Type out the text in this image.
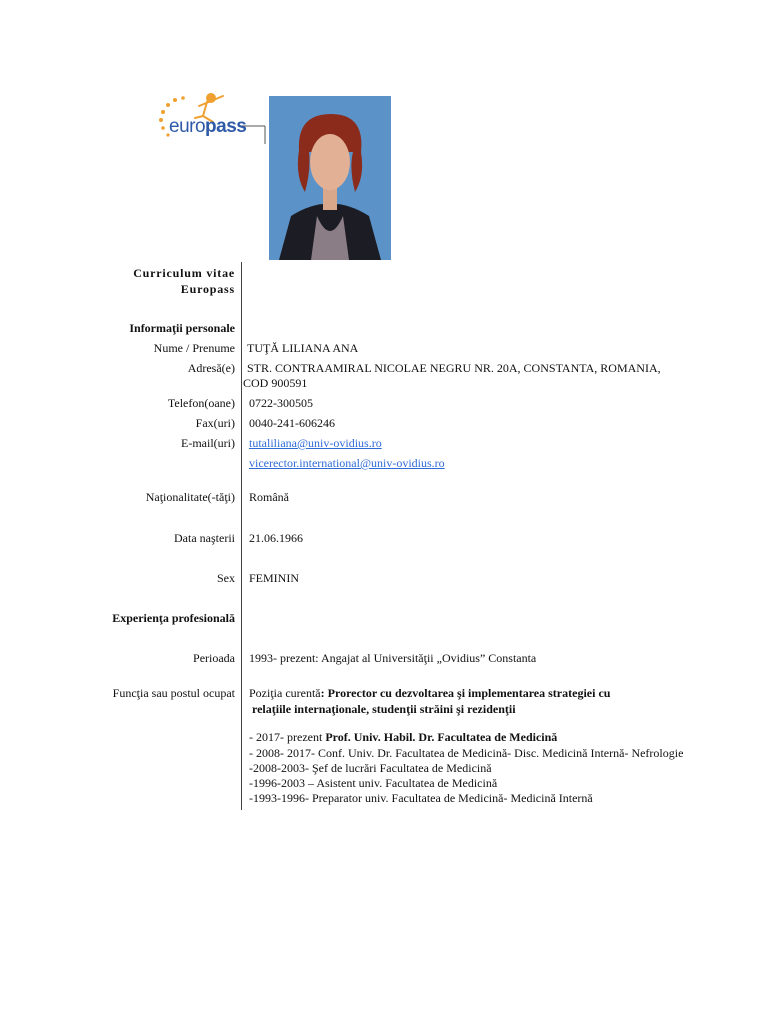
europass
Curriculum vitae
Europass
Informaţii personale
Nume / Prenume TUŢĂ LILIANA ANA
Adresă(e) STR. CONTRAAMIRAL NICOLAE NEGRU NR. 20A, CONSTANTA, ROMANIA,
COD 900591
Telefon(oane) 0722-300505
Fax(uri) 0040-241-606246
E-mail(uri) tutaliliana@univ-ovidius.ro
vicerector.international@univ-ovidius.ro
Naţionalitate(-tăţi) Română
Data naşterii 21.06.1966
Sex FEMININ
Experienţa profesională
Perioada 1993- prezent: Angajat al Universităţii „Ovidius” Constanta
Funcţia sau postul ocupat Poziţia curentă: Prorector cu dezvoltarea şi implementarea strategiei cu
relaţiile internaţionale, studenţii străini şi rezidenţii
- 2017- prezent Prof. Univ. Habil. Dr. Facultatea de Medicină
- 2008- 2017- Conf. Univ. Dr. Facultatea de Medicină- Disc. Medicină Internă- Nefrologie
-2008-2003- Şef de lucrări Facultatea de Medicină
-1996-2003 – Asistent univ. Facultatea de Medicină
-1993-1996- Preparator univ. Facultatea de Medicină- Medicină Internă
